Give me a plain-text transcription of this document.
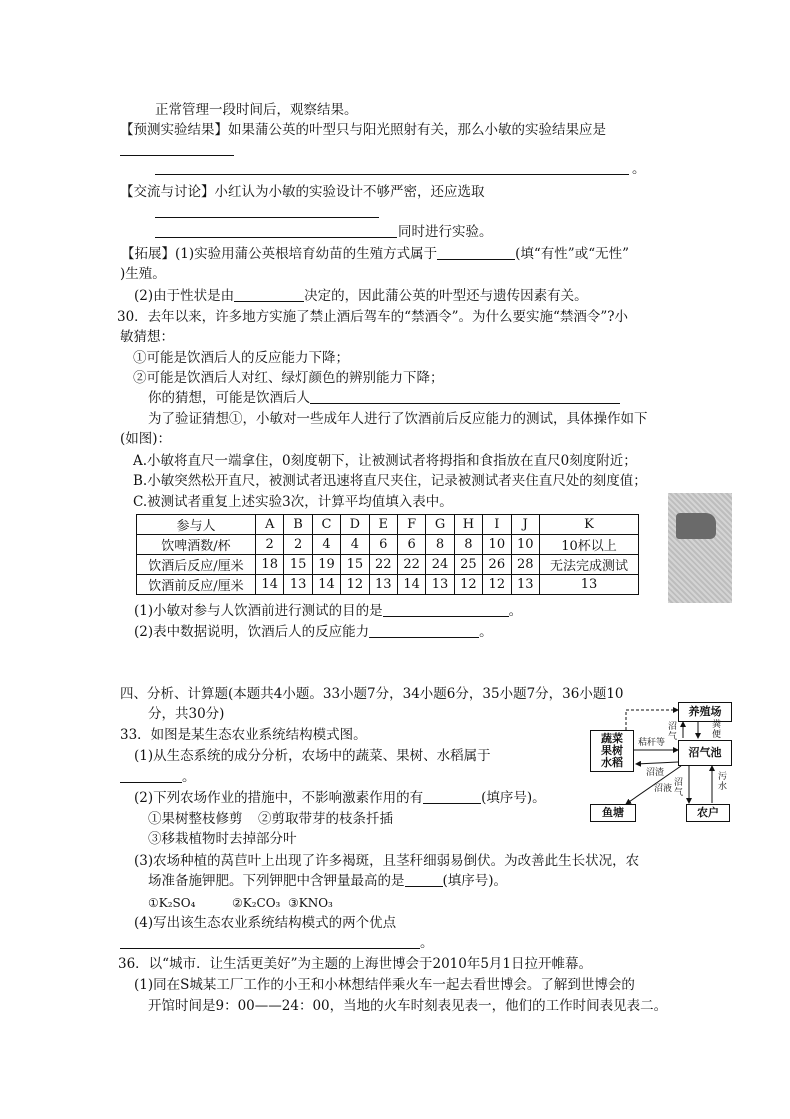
正常管理一段时间后，观察结果。
【预测实验结果】如果蒲公英的叶型只与阳光照射有关，那么小敏的实验结果应是
。
【交流与讨论】小红认为小敏的实验设计不够严密，还应选取
同时进行实验。
【拓展】(1)实验用蒲公英根培育幼苗的生殖方式属于	(填“有性”或“无性”
)生殖。
(2)由于性状是由	决定的，因此蒲公英的叶型还与遗传因素有关。
30．去年以来，许多地方实施了禁止酒后驾车的“禁酒令”。为什么要实施“禁酒令”?小
敏猜想：
①可能是饮酒后人的反应能力下降；
②可能是饮酒后人对红、绿灯颜色的辨别能力下降；
你的猜想，可能是饮酒后人
为了验证猜想①，小敏对一些成年人进行了饮酒前后反应能力的测试，具体操作如下
(如图)：
A.小敏将直尺一端拿住，0刻度朝下，让被测试者将拇指和食指放在直尺0刻度附近；
B.小敏突然松开直尺，被测试者迅速将直尺夹住，记录被测试者夹住直尺处的刻度值；
C.被测试者重复上述实验3次，计算平均值填入表中。
参与人	A	B	C	D	E	F	G	H	I	J	K
饮啤酒数/杯	2	2	4	4	6	6	8	8	10	10	10杯以上
饮酒后反应/厘米	18	15	19	15	22	22	24	25	26	28	无法完成测试
饮酒前反应/厘米	14	13	14	12	13	14	13	12	12	13	13
(1)小敏对参与人饮酒前进行测试的目的是	。
(2)表中数据说明，饮酒后人的反应能力	。
四、分析、计算题(本题共4小题。33小题7分，34小题6分，35小题7分，36小题10
分，共30分)
33．如图是某生态农业系统结构模式图。
(1)从生态系统的成分分析，农场中的蔬菜、果树、水稻属于
。
(2)下列农场作业的措施中，不影响激素作用的有	(填序号)。
①果树整枝修剪 ②剪取带芽的枝条扦插
③移栽植物时去掉部分叶
(3)农场种植的莴苣叶上出现了许多褐斑，且茎秆细弱易倒伏。为改善此生长状况，农
场准备施钾肥。下列钾肥中含钾量最高的是	(填序号)。
①K₂SO₄	②K₂CO₃ ③KNO₃
(4)写出该生态农业系统结构模式的两个优点
。
养殖场
蔬菜
果树
水稻
沼气池
鱼塘	农户
秸秆等
粪便
沼气
沼渣
沼液
沼气
污水
36．以“城市．让生活更美好”为主题的上海世博会于2010年5月1日拉开帷幕。
(1)同在S城某工厂工作的小王和小林想结伴乘火车一起去看世博会。了解到世博会的
开馆时间是9：00——24：00，当地的火车时刻表见表一，他们的工作时间表见表二。
